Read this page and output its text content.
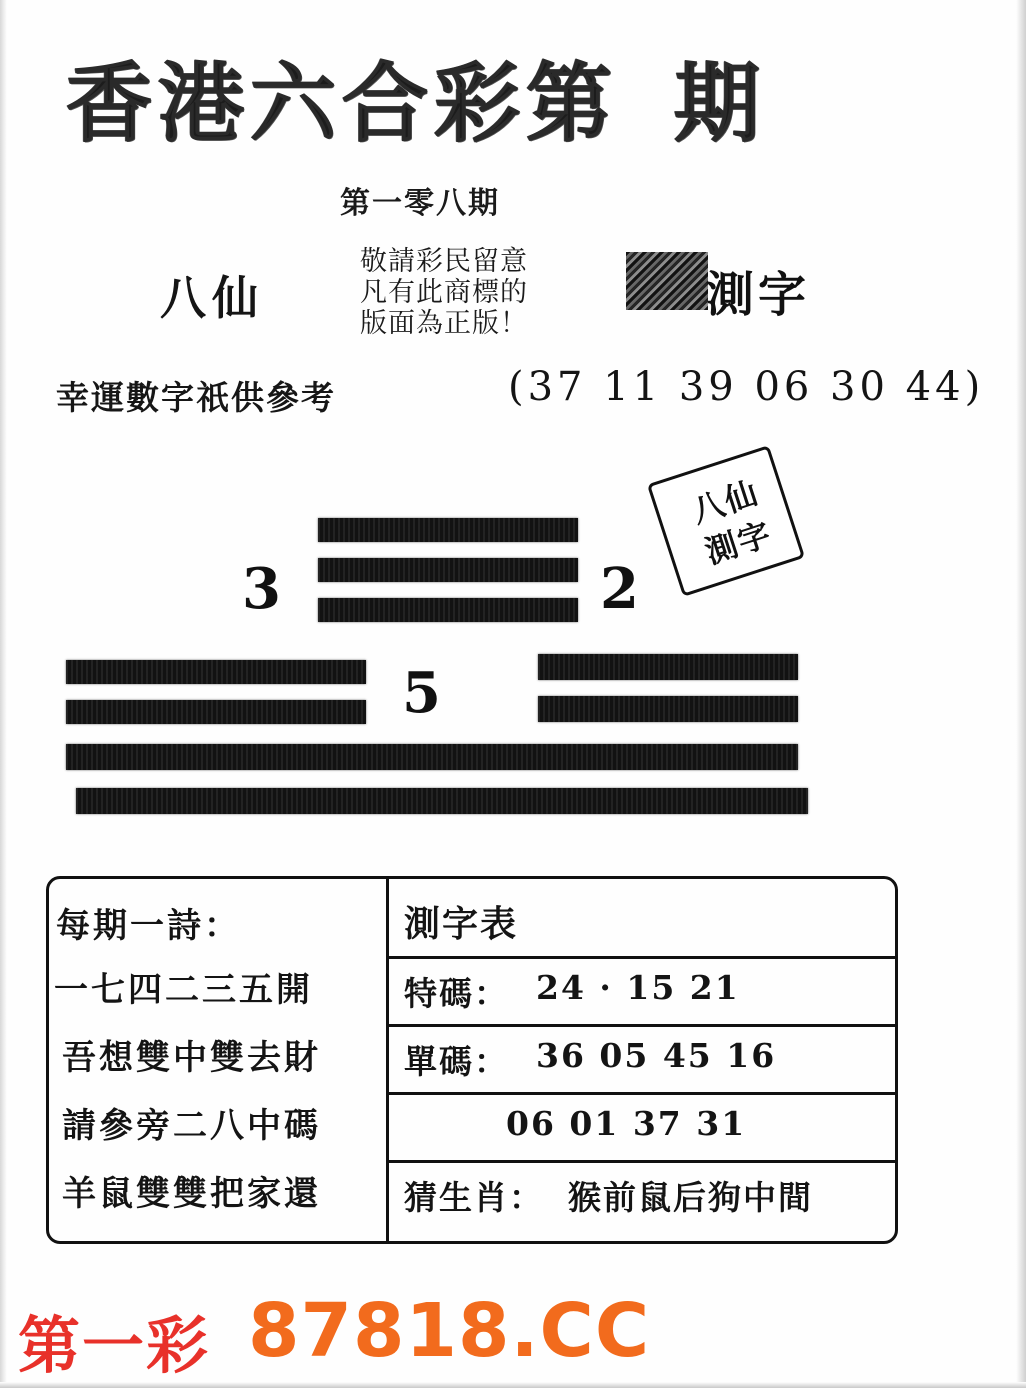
香港六合彩第 期
第一零八期
八仙
敬請彩民留意
凡有此商標的
版面為正版！
測字
幸運數字祇供參考	(37 11 39 06 30 44)
3	2
5
八仙
測字
每期一詩：
一七四二三五開
吾想雙中雙去財
請參旁二八中碼
羊鼠雙雙把家還
測字表
特碼： 24 · 15 21
單碼： 36 05 45 16
06 01 37 31
猜生肖： 猴前鼠后狗中間
第一彩 87818.CC
